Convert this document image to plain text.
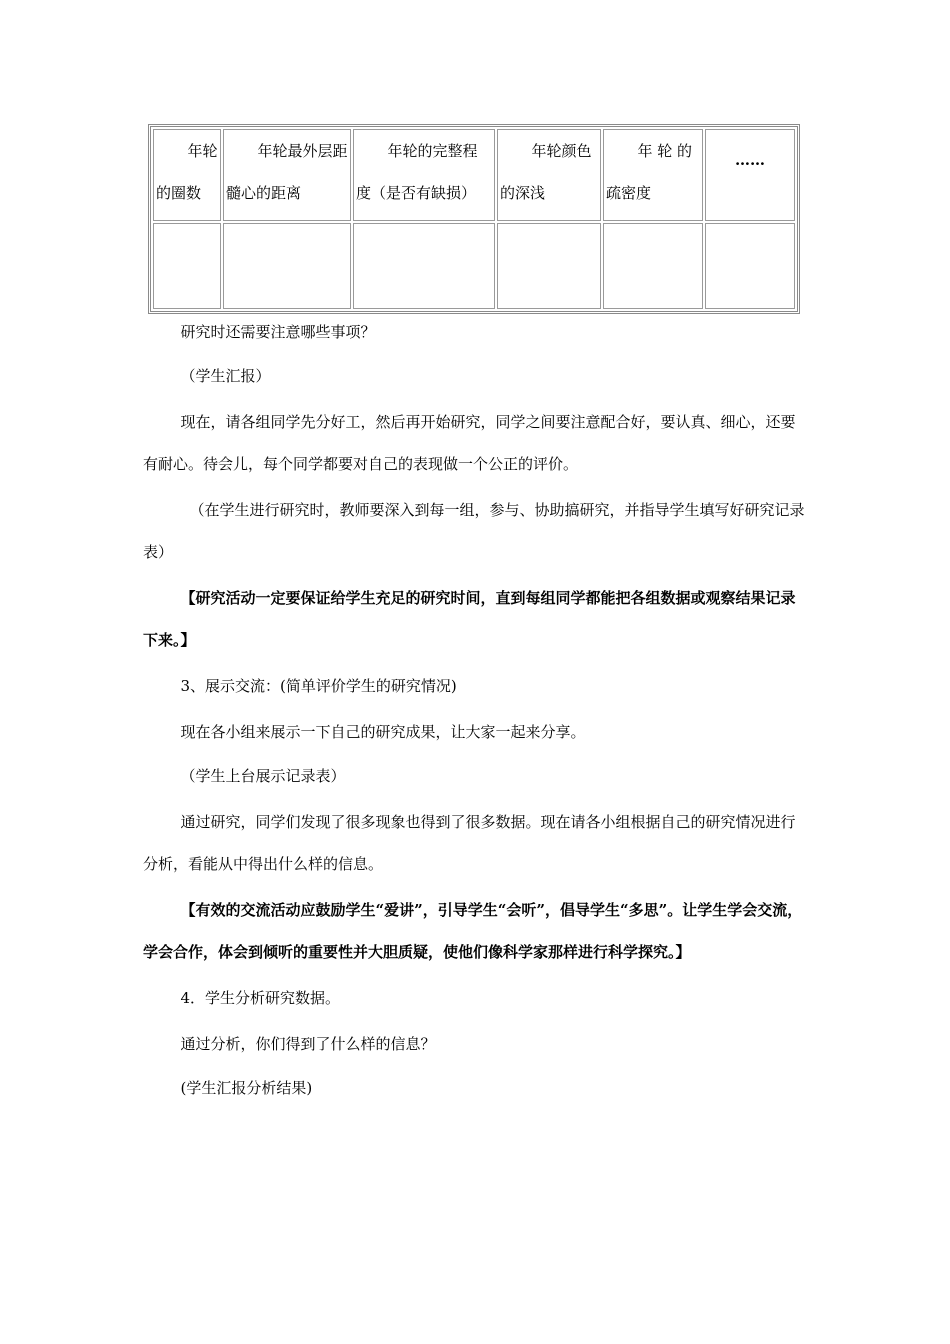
年轮的圈数	年轮最外层距髓心的距离	年轮的完整程度（是否有缺损）	年轮颜色的深浅	年 轮 的疏密度	……

研究时还需要注意哪些事项？

（学生汇报）

现在，请各组同学先分好工，然后再开始研究，同学之间要注意配合好，要认真、细心，还要有耐心。待会儿，每个同学都要对自己的表现做一个公正的评价。

（在学生进行研究时，教师要深入到每一组，参与、协助搞研究，并指导学生填写好研究记录表）

【研究活动一定要保证给学生充足的研究时间，直到每组同学都能把各组数据或观察结果记录下来。】

3、展示交流：(简单评价学生的研究情况)

现在各小组来展示一下自己的研究成果，让大家一起来分享。

（学生上台展示记录表）

通过研究，同学们发现了很多现象也得到了很多数据。现在请各小组根据自己的研究情况进行分析，看能从中得出什么样的信息。

【有效的交流活动应鼓励学生“爱讲”，引导学生“会听”，倡导学生“多思”。让学生学会交流，学会合作，体会到倾听的重要性并大胆质疑，使他们像科学家那样进行科学探究。】

4．学生分析研究数据。

通过分析，你们得到了什么样的信息？

(学生汇报分析结果)
